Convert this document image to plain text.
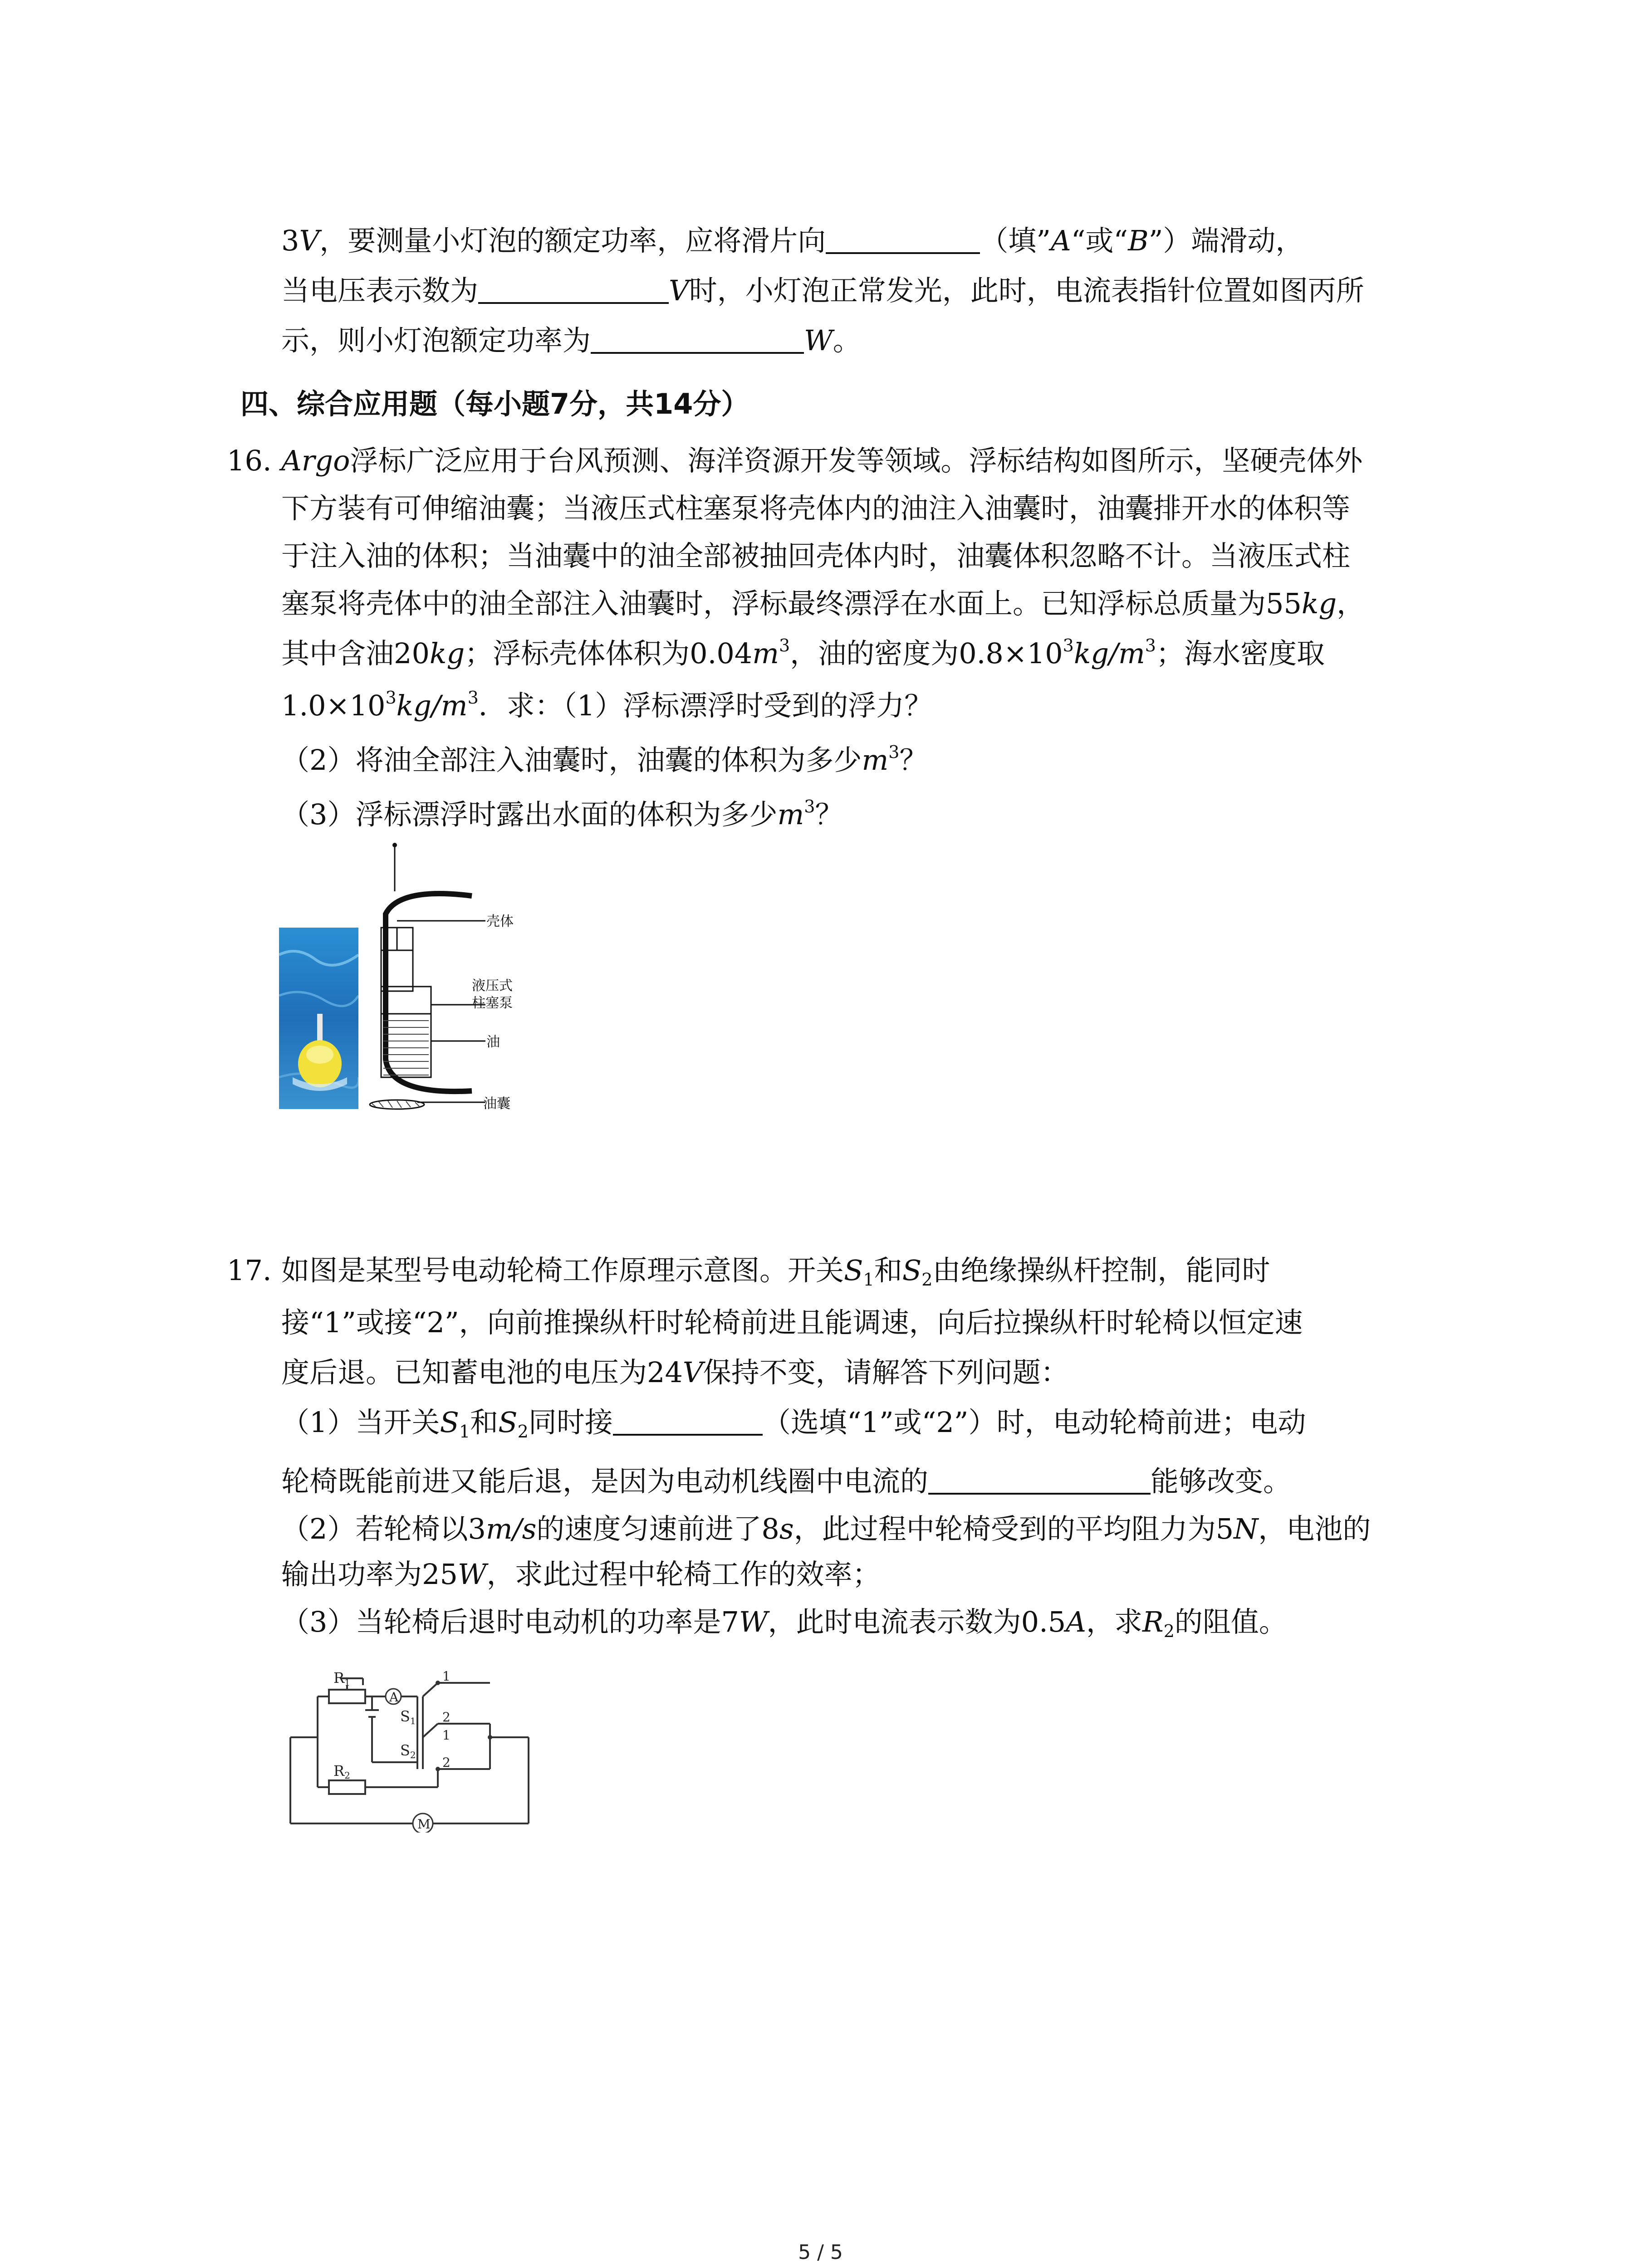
3V，要测量小灯泡的额定功率，应将滑片向	（填”A“或“B”）端滑动，
当电压表示数为	V时，小灯泡正常发光，此时，电流表指针位置如图丙所
示，则小灯泡额定功率为	W。
四、综合应用题（每小题7分，共14分）
16. Argo浮标广泛应用于台风预测、海洋资源开发等领域。浮标结构如图所示，坚硬壳体外
下方装有可伸缩油囊；当液压式柱塞泵将壳体内的油注入油囊时，油囊排开水的体积等
于注入油的体积；当油囊中的油全部被抽回壳体内时，油囊体积忽略不计。当液压式柱
塞泵将壳体中的油全部注入油囊时，浮标最终漂浮在水面上。已知浮标总质量为55kg，
其中含油20kg；浮标壳体体积为$0.04m^3$，油的密度为$0.8\times 10^3kg/m^3$；海水密度取
$1.0\times 10^3kg/m^3$．求：（1）浮标漂浮时受到的浮力？
（2）将油全部注入油囊时，油囊的体积为多少$m^3$？
（3）浮标漂浮时露出水面的体积为多少$m^3$？
壳体
液压式
柱塞泵
油
油囊
17. 如图是某型号电动轮椅工作原理示意图。开关$S_1$和$S_2$由绝缘操纵杆控制，能同时
接“1”或接“2”，向前推操纵杆时轮椅前进且能调速，向后拉操纵杆时轮椅以恒定速
度后退。已知蓄电池的电压为24V保持不变，请解答下列问题：
（1）当开关$S_1$和$S_2$同时接	（选填“1”或“2”）时，电动轮椅前进；电动
轮椅既能前进又能后退，是因为电动机线圈中电流的	能够改变。
（2）若轮椅以3m/s的速度匀速前进了8s，此过程中轮椅受到的平均阻力为5N，电池的
输出功率为25W，求此过程中轮椅工作的效率；
（3）当轮椅后退时电动机的功率是7W，此时电流表示数为0.5A，求$R_2$的阻值。
R1
R2
A
M
S1
S2
1
2
1
2
5 / 5
